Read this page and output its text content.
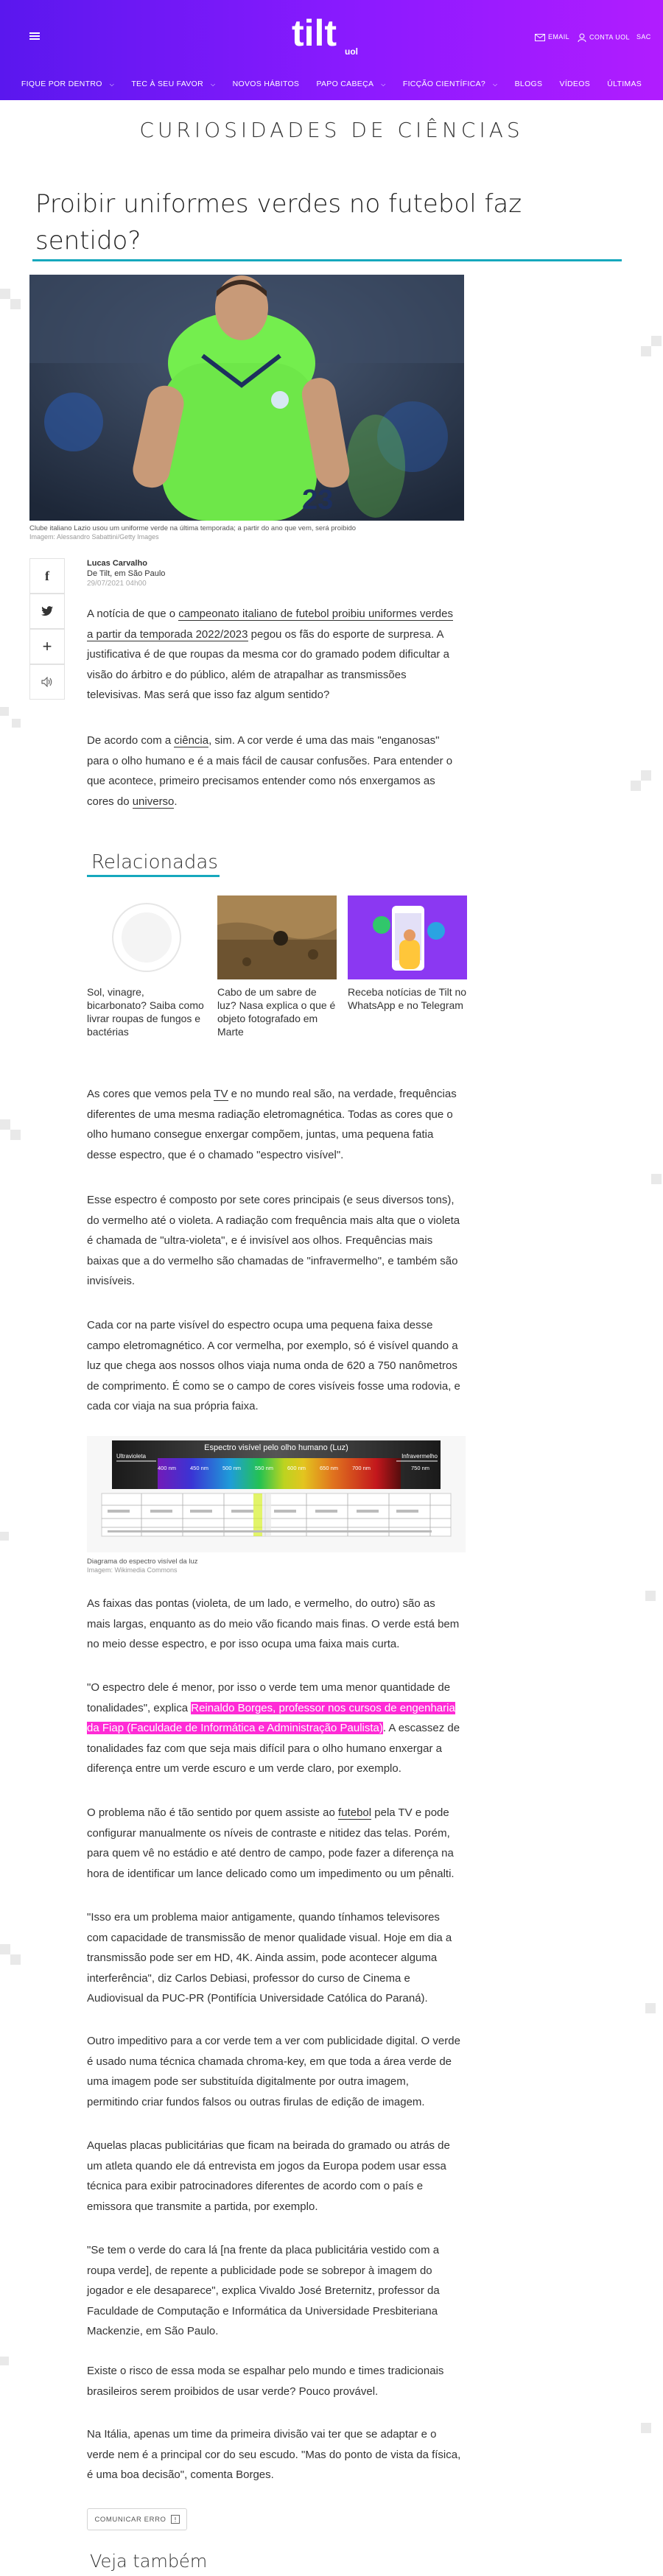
tilt uol
EMAIL	CONTA UOL SAC
FIQUE POR DENTRO ⌵ TEC À SEU FAVOR ⌵ NOVOS HÁBITOS PAPO CABEÇA ⌵ FICÇÃO CIENTÍFICA? ⌵ BLOGS VÍDEOS ÚLTIMAS
CURIOSIDADES DE CIÊNCIAS
Proibir uniformes verdes no futebol faz sentido?

23
Clube italiano Lazio usou um uniforme verde na última temporada; a partir do ano que vem, será proibido
Imagem: Alessandro Sabattini/Getty Images
f
+
Lucas Carvalho
De Tilt, em São Paulo
29/07/2021 04h00

A notícia de que o campeonato italiano de futebol proibiu uniformes verdes a partir da temporada 2022/2023 pegou os fãs do esporte de surpresa. A justificativa é de que roupas da mesma cor do gramado podem dificultar a visão do árbitro e do público, além de atrapalhar as transmissões televisivas. Mas será que isso faz algum sentido?

De acordo com a ciência, sim. A cor verde é uma das mais "enganosas" para o olho humano e é a mais fácil de causar confusões. Para entender o que acontece, primeiro precisamos entender como nós enxergamos as cores do universo.

Relacionadas
Sol, vinagre, bicarbonato? Saiba como livrar roupas de fungos e bactérias
Cabo de um sabre de luz? Nasa explica o que é objeto fotografado em Marte
Receba notícias de Tilt no WhatsApp e no Telegram

As cores que vemos pela TV e no mundo real são, na verdade, frequências diferentes de uma mesma radiação eletromagnética. Todas as cores que o olho humano consegue enxergar compõem, juntas, uma pequena fatia desse espectro, que é o chamado "espectro visível".

Esse espectro é composto por sete cores principais (e seus diversos tons), do vermelho até o violeta. A radiação com frequência mais alta que o violeta é chamada de "ultra-violeta", e é invisível aos olhos. Frequências mais baixas que a do vermelho são chamadas de "infravermelho", e também são invisíveis.

Cada cor na parte visível do espectro ocupa uma pequena faixa desse campo eletromagnético. A cor vermelha, por exemplo, só é visível quando a luz que chega aos nossos olhos viaja numa onda de 620 a 750 nanômetros de comprimento. É como se o campo de cores visíveis fosse uma rodovia, e cada cor viaja na sua própria faixa.

Espectro visível pelo olho humano (Luz)
Ultravioleta	Infravermelho
400 nm	450 nm	500 nm	550 nm	600 nm	650 nm	700 nm	750 nm
Diagrama do espectro visível da luz
Imagem: Wikimedia Commons

As faixas das pontas (violeta, de um lado, e vermelho, do outro) são as mais largas, enquanto as do meio vão ficando mais finas. O verde está bem no meio desse espectro, e por isso ocupa uma faixa mais curta.

"O espectro dele é menor, por isso o verde tem uma menor quantidade de tonalidades", explica Reinaldo Borges, professor nos cursos de engenharia da Fiap (Faculdade de Informática e Administração Paulista). A escassez de tonalidades faz com que seja mais difícil para o olho humano enxergar a diferença entre um verde escuro e um verde claro, por exemplo.

O problema não é tão sentido por quem assiste ao futebol pela TV e pode configurar manualmente os níveis de contraste e nitidez das telas. Porém, para quem vê no estádio e até dentro de campo, pode fazer a diferença na hora de identificar um lance delicado como um impedimento ou um pênalti.

"Isso era um problema maior antigamente, quando tínhamos televisores com capacidade de transmissão de menor qualidade visual. Hoje em dia a transmissão pode ser em HD, 4K. Ainda assim, pode acontecer alguma interferência", diz Carlos Debiasi, professor do curso de Cinema e Audiovisual da PUC-PR (Pontifícia Universidade Católica do Paraná).

Outro impeditivo para a cor verde tem a ver com publicidade digital. O verde é usado numa técnica chamada chroma-key, em que toda a área verde de uma imagem pode ser substituída digitalmente por outra imagem, permitindo criar fundos falsos ou outras firulas de edição de imagem.

Aquelas placas publicitárias que ficam na beirada do gramado ou atrás de um atleta quando ele dá entrevista em jogos da Europa podem usar essa técnica para exibir patrocinadores diferentes de acordo com o país e emissora que transmite a partida, por exemplo.

"Se tem o verde do cara lá [na frente da placa publicitária vestido com a roupa verde], de repente a publicidade pode se sobrepor à imagem do jogador e ele desaparece", explica Vivaldo José Breternitz, professor da Faculdade de Computação e Informática da Universidade Presbiteriana Mackenzie, em São Paulo.

Existe o risco de essa moda se espalhar pelo mundo e times tradicionais brasileiros serem proibidos de usar verde? Pouco provável.

Na Itália, apenas um time da primeira divisão vai ter que se adaptar e o verde nem é a principal cor do seu escudo. "Mas do ponto de vista da física, é uma boa decisão", comenta Borges.

COMUNICAR ERRO
Veja também
